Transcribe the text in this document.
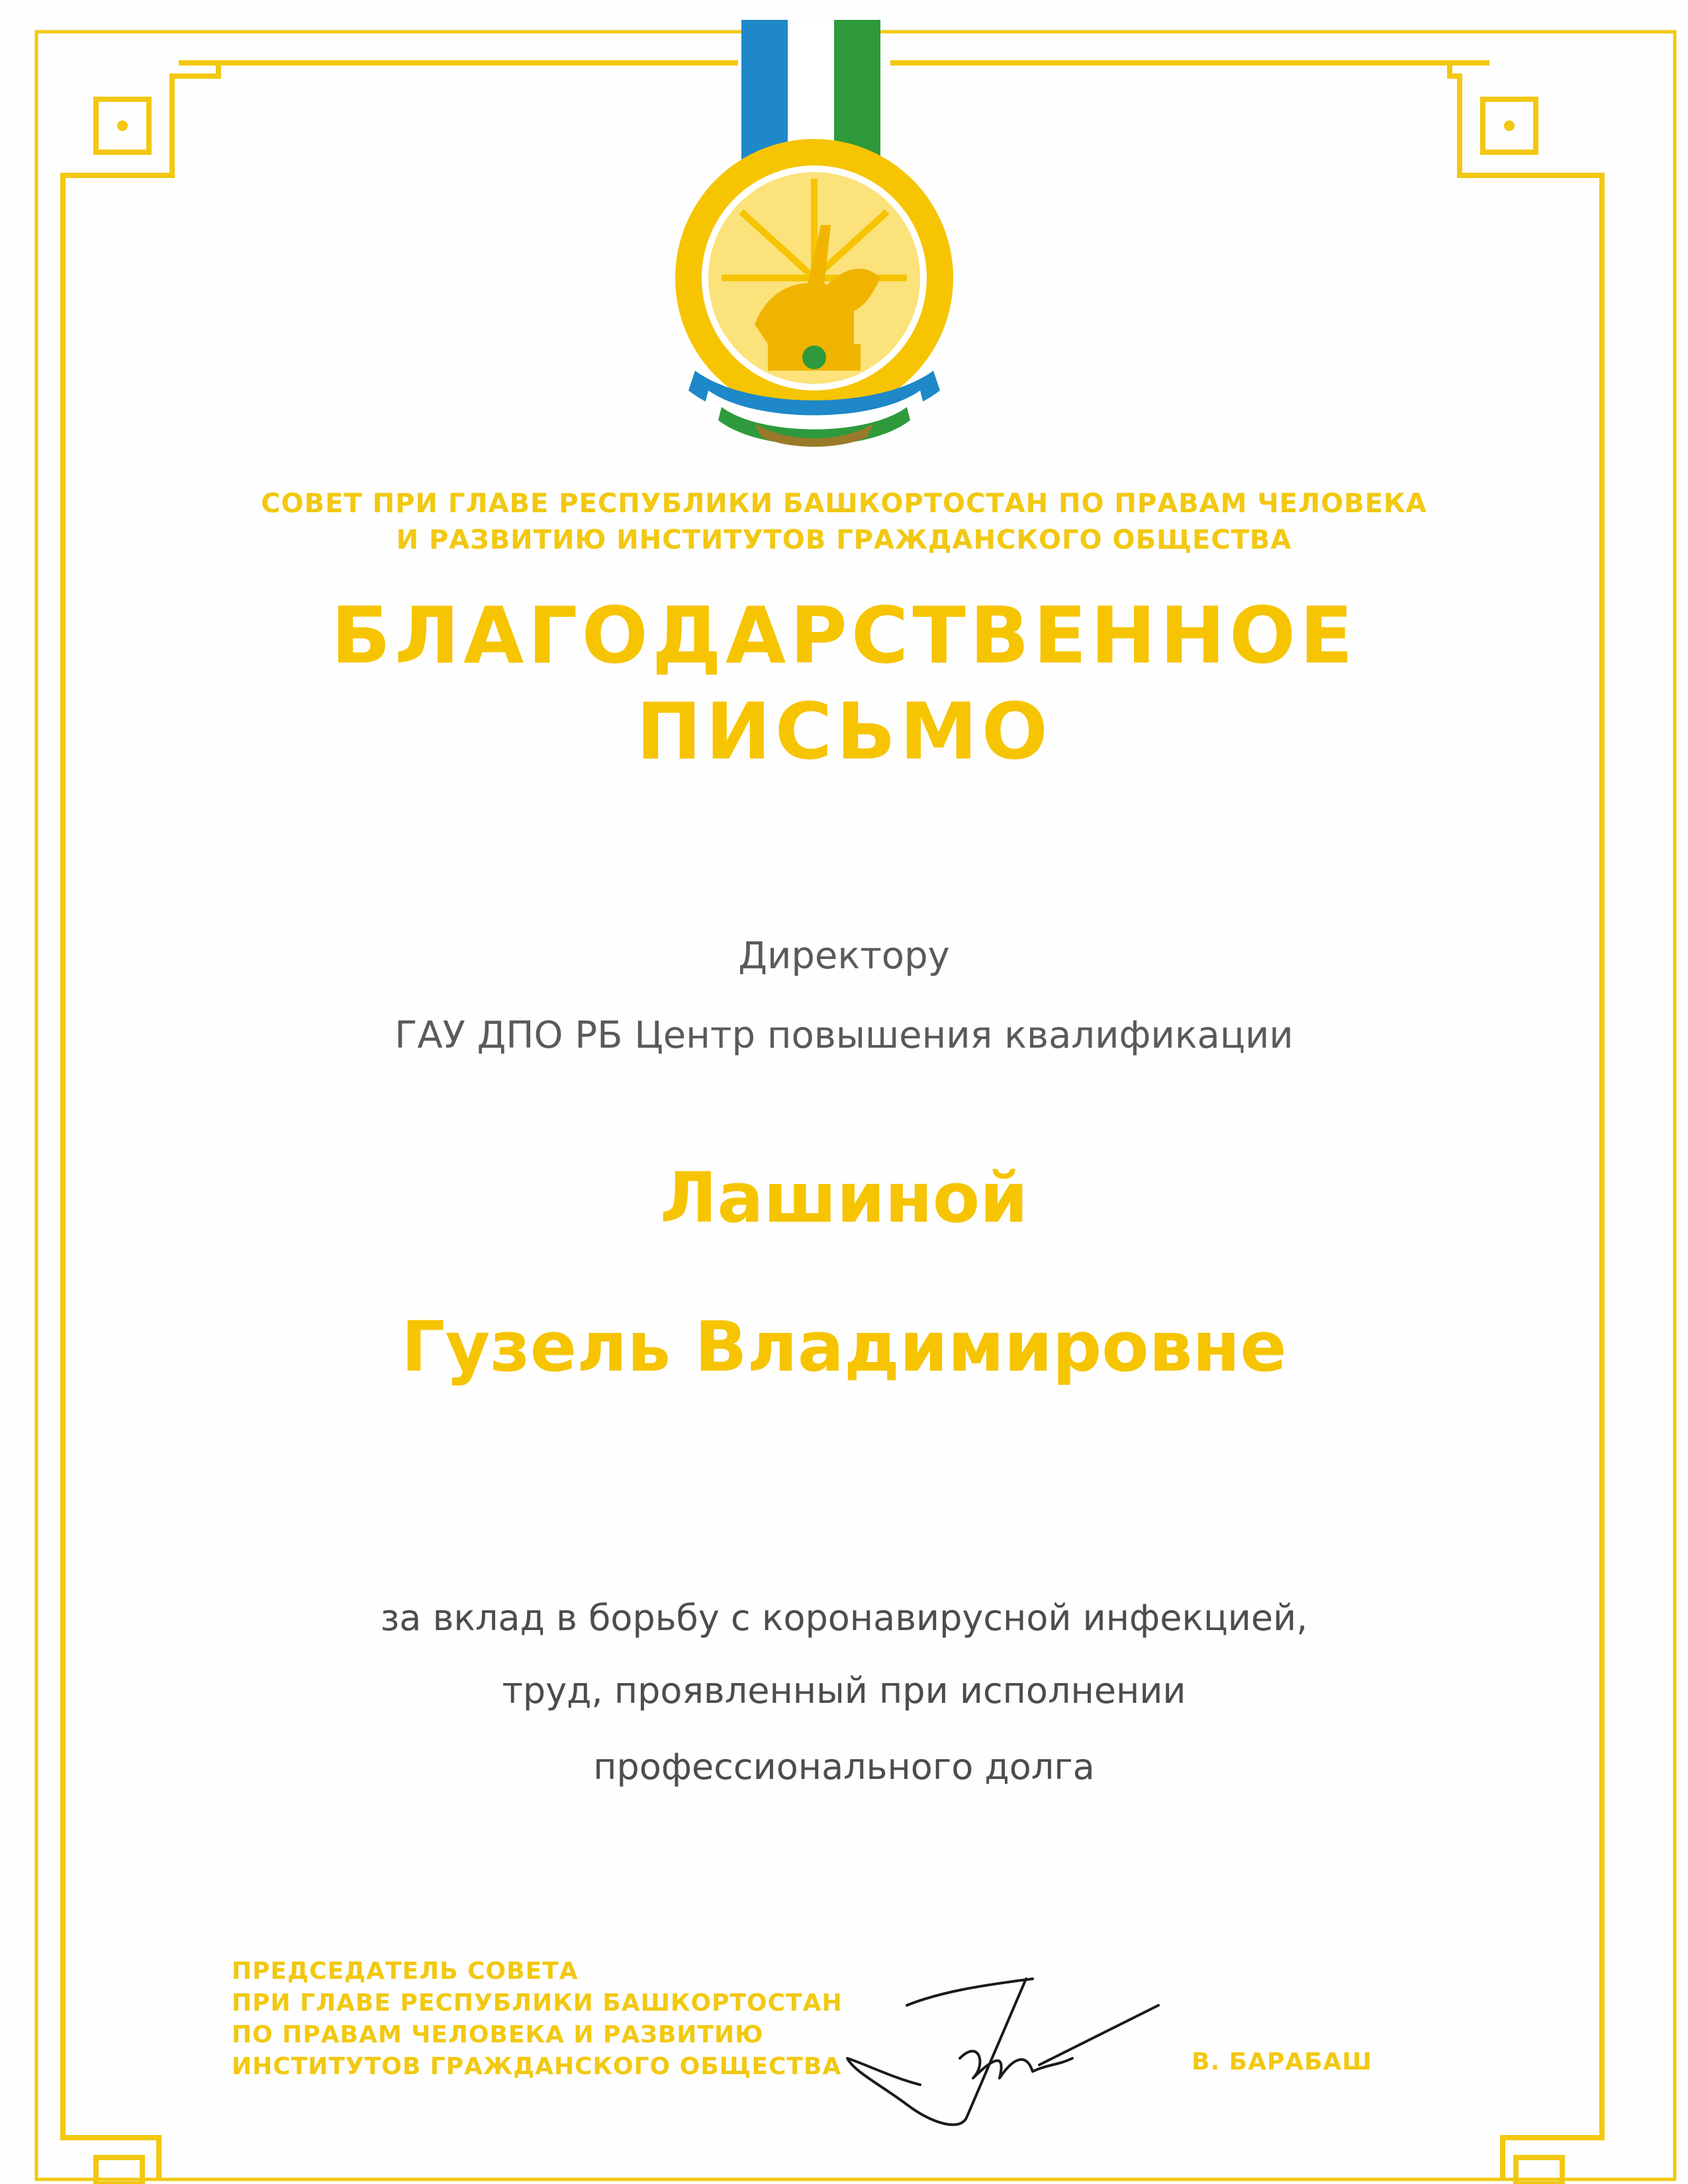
СОВЕТ ПРИ ГЛАВЕ РЕСПУБЛИКИ БАШКОРТОСТАН ПО ПРАВАМ ЧЕЛОВЕКА
И РАЗВИТИЮ ИНСТИТУТОВ ГРАЖДАНСКОГО ОБЩЕСТВА
БЛАГОДАРСТВЕННОЕ
ПИСЬМО
Директору
ГАУ ДПО РБ Центр повышения квалификации
Лашиной
Гузель Владимировне
за вклад в борьбу с коронавирусной инфекцией,
труд, проявленный при исполнении
профессионального долга
ПРЕДСЕДАТЕЛЬ СОВЕТА
ПРИ ГЛАВЕ РЕСПУБЛИКИ БАШКОРТОСТАН
ПО ПРАВАМ ЧЕЛОВЕКА И РАЗВИТИЮ
ИНСТИТУТОВ ГРАЖДАНСКОГО ОБЩЕСТВА	В. БАРАБАШ
